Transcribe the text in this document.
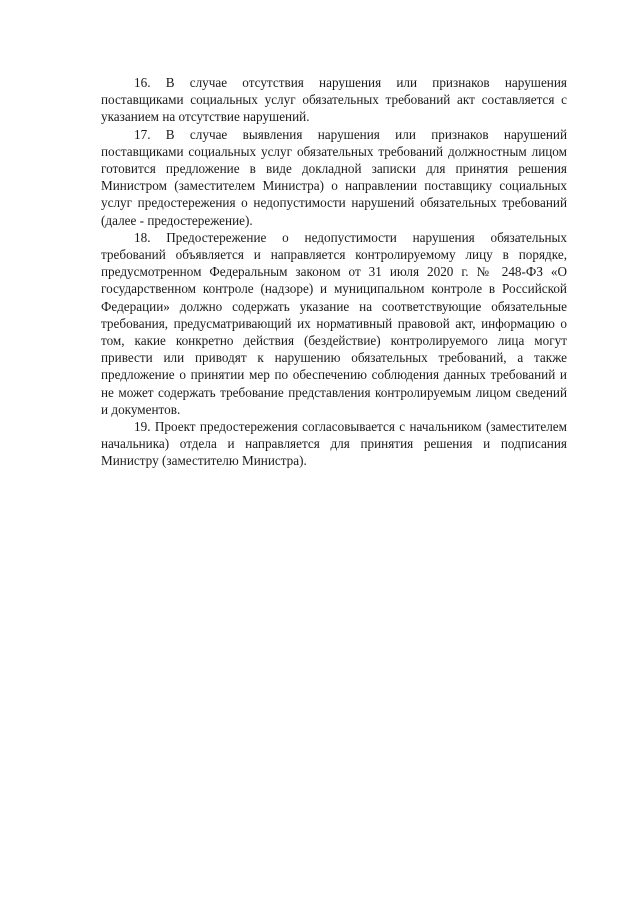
16. В случае отсутствия нарушения или признаков нарушения поставщиками социальных услуг обязательных требований акт составляется с указанием на отсутствие нарушений.

17. В случае выявления нарушения или признаков нарушений поставщиками социальных услуг обязательных требований должностным лицом готовится предложение в виде докладной записки для принятия решения Министром (заместителем Министра) о направлении поставщику социальных услуг предостережения о недопустимости нарушений обязательных требований (далее - предостережение).

18. Предостережение о недопустимости нарушения обязательных требований объявляется и направляется контролируемому лицу в порядке, предусмотренном Федеральным законом от 31 июля 2020 г. № 248-ФЗ «О государственном контроле (надзоре) и муниципальном контроле в Российской Федерации» должно содержать указание на соответствующие обязательные требования, предусматривающий их нормативный правовой акт, информацию о том, какие конкретно действия (бездействие) контролируемого лица могут привести или приводят к нарушению обязательных требований, а также предложение о принятии мер по обеспечению соблюдения данных требований и не может содержать требование представления контролируемым лицом сведений и документов.

19. Проект предостережения согласовывается с начальником (заместителем начальника) отдела и направляется для принятия решения и подписания Министру (заместителю Министра).
